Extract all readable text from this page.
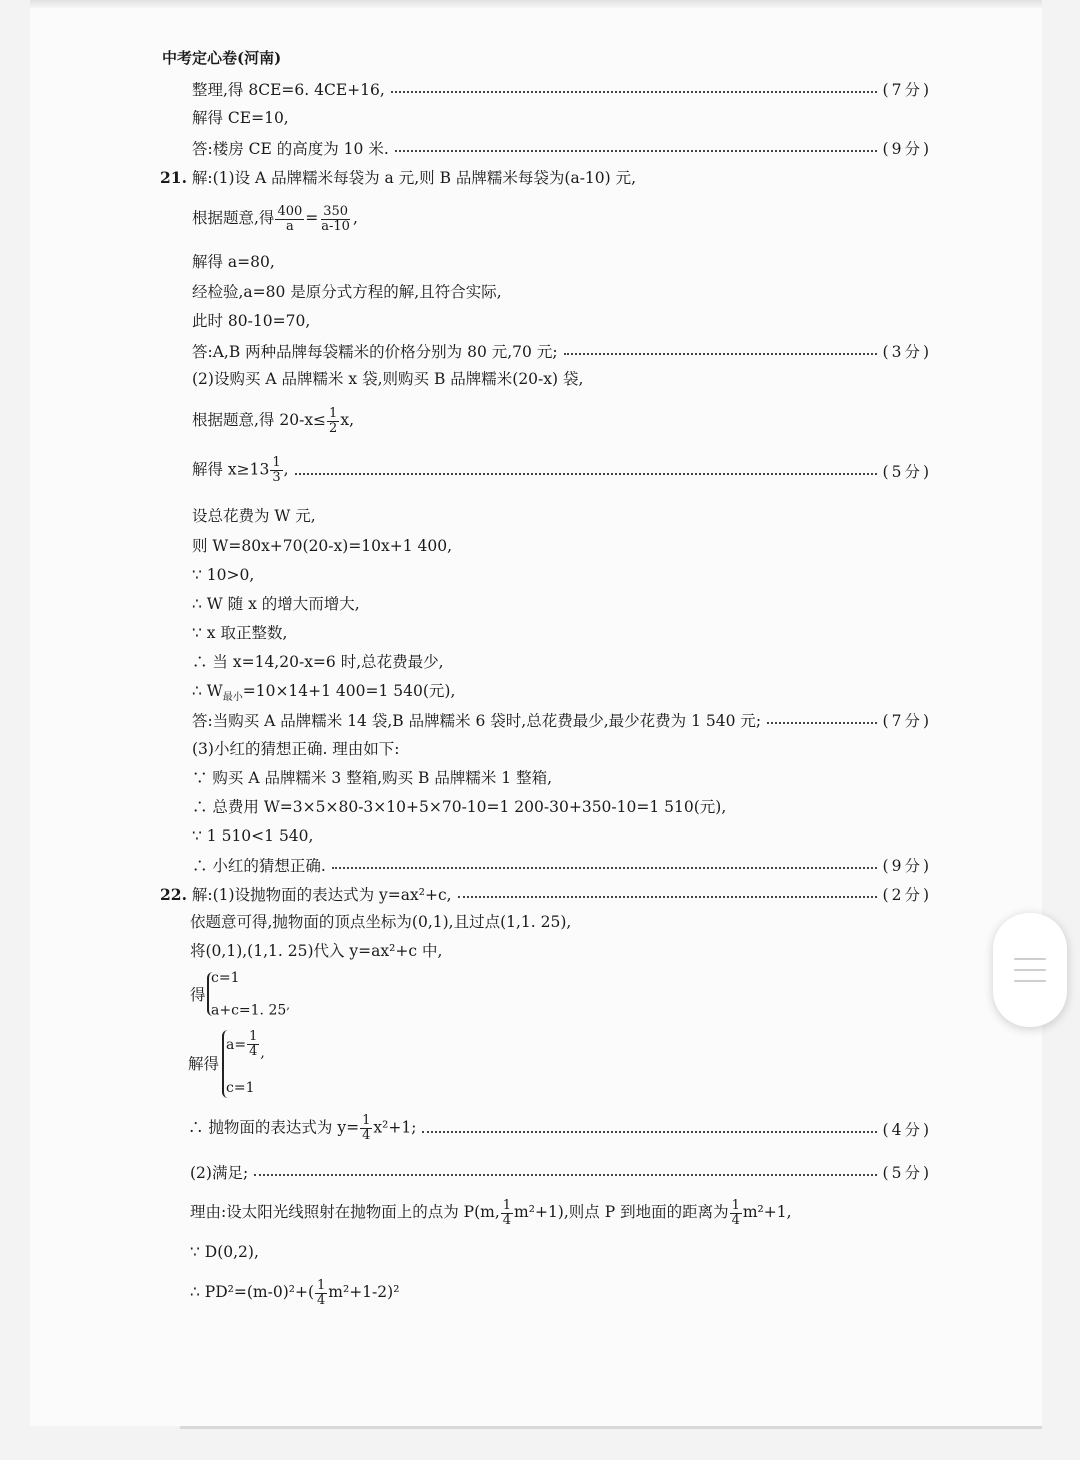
中考定心卷(河南)
整理,得 8CE=6. 4CE+16,	(7分)
解得 CE=10,
答:楼房 CE 的高度为 10 米.	(9分)
21. 解:(1)设 A 品牌糯米每袋为 a 元,则 B 品牌糯米每袋为(a-10) 元,
根据题意,得 $\frac{400}{a} = \frac{350}{a-10}$ ,
解得 a=80,
经检验,a=80 是原分式方程的解,且符合实际,
此时 80-10=70,
答:A,B 两种品牌每袋糯米的价格分别为 80 元,70 元;	(3分)
(2)设购买 A 品牌糯米 x 袋,则购买 B 品牌糯米(20-x) 袋,
根据题意,得 $20-x\le \frac{1}{2} x$,
解得 $x\ge 13 \frac{1}{3}$ ,	(5分)
设总花费为 W 元,
则 W=80x+70(20-x)=10x+1 400,
∵ 10>0,
∴ W 随 x 的增大而增大,
∵ x 取正整数,
∴ 当 x=14,20-x=6 时,总花费最少,
∴ $W_{最小}=10\times 14+1$ 400=1 540(元),
答:当购买 A 品牌糯米 14 袋,B 品牌糯米 6 袋时,总花费最少,最少花费为 1 540 元;	(7分)
(3)小红的猜想正确. 理由如下:
∵ 购买 A 品牌糯米 3 整箱,购买 B 品牌糯米 1 整箱,
∴ 总费用 W=3×5×80-3×10+5×70-10=1 200-30+350-10=1 510(元),
∵ 1 510<1 540,
∴ 小红的猜想正确.	(9分)
22. 解:(1)设抛物面的表达式为 y=ax²+c,	(2分)
依题意可得,抛物面的顶点坐标为(0,1),且过点(1,1. 25),
将(0,1),(1,1. 25)代入 y=ax²+c 中,
得
c=1
a+c=1. 25,
解得
$a= \frac{1}{4}$ ,
c=1
∴ 抛物面的表达式为 $y= \frac{1}{4} x^2+1$;	(4分)
(2)满足;	(5分)
理由:设太阳光线照射在抛物面上的点为 P(m, $\frac{1}{4} m^2+1$),则点 P 到地面的距离为 $\frac{1}{4} m^2+1$,
∵ D(0,2),
∴ $PD^2=(m-0)^2+( \frac{1}{4} m^2+1-2)^2$
